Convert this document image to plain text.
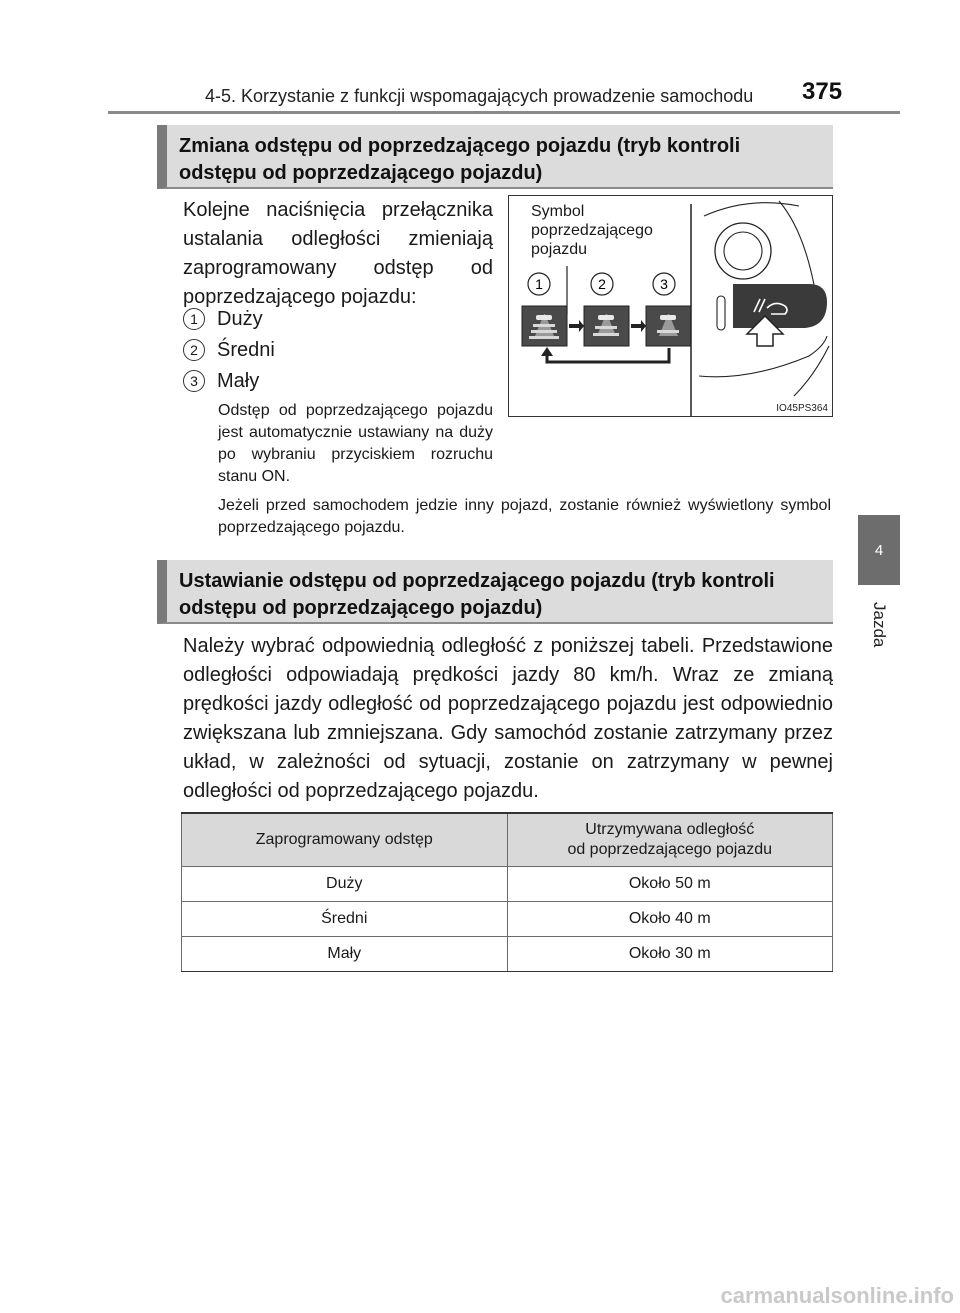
4-5. Korzystanie z funkcji wspomagających prowadzenie samochodu 375
4
Jazda
Zmiana odstępu od poprzedzającego pojazdu (tryb kontroli odstępu od poprzedzającego pojazdu)
Kolejne naciśnięcia przełącznika ustalania odległości zmieniają zaprogramowany odstęp od poprzedzającego pojazdu:
1 Duży
2 Średni
3 Mały
Odstęp od poprzedzającego pojazdu jest automatycznie ustawiany na duży po wybraniu przyciskiem rozruchu stanu ON.
Jeżeli przed samochodem jedzie inny pojazd, zostanie również wyświetlony symbol poprzedzającego pojazdu.
Symbol
poprzedzającego
pojazdu
1	2	3
IO45PS364
Ustawianie odstępu od poprzedzającego pojazdu (tryb kontroli odstępu od poprzedzającego pojazdu)
Należy wybrać odpowiednią odległość z poniższej tabeli. Przedstawione odległości odpowiadają prędkości jazdy 80 km/h. Wraz ze zmianą prędkości jazdy odległość od poprzedzającego pojazdu jest odpowiednio zwiększana lub zmniejszana. Gdy samochód zostanie zatrzymany przez układ, w zależności od sytuacji, zostanie on zatrzymany w pewnej odległości od poprzedzającego pojazdu.
Zaprogramowany odstęp	Utrzymywana odległość
od poprzedzającego pojazdu

Duży	Około 50 m
Średni	Około 40 m
Mały	Około 30 m
carmanualsonline.info
